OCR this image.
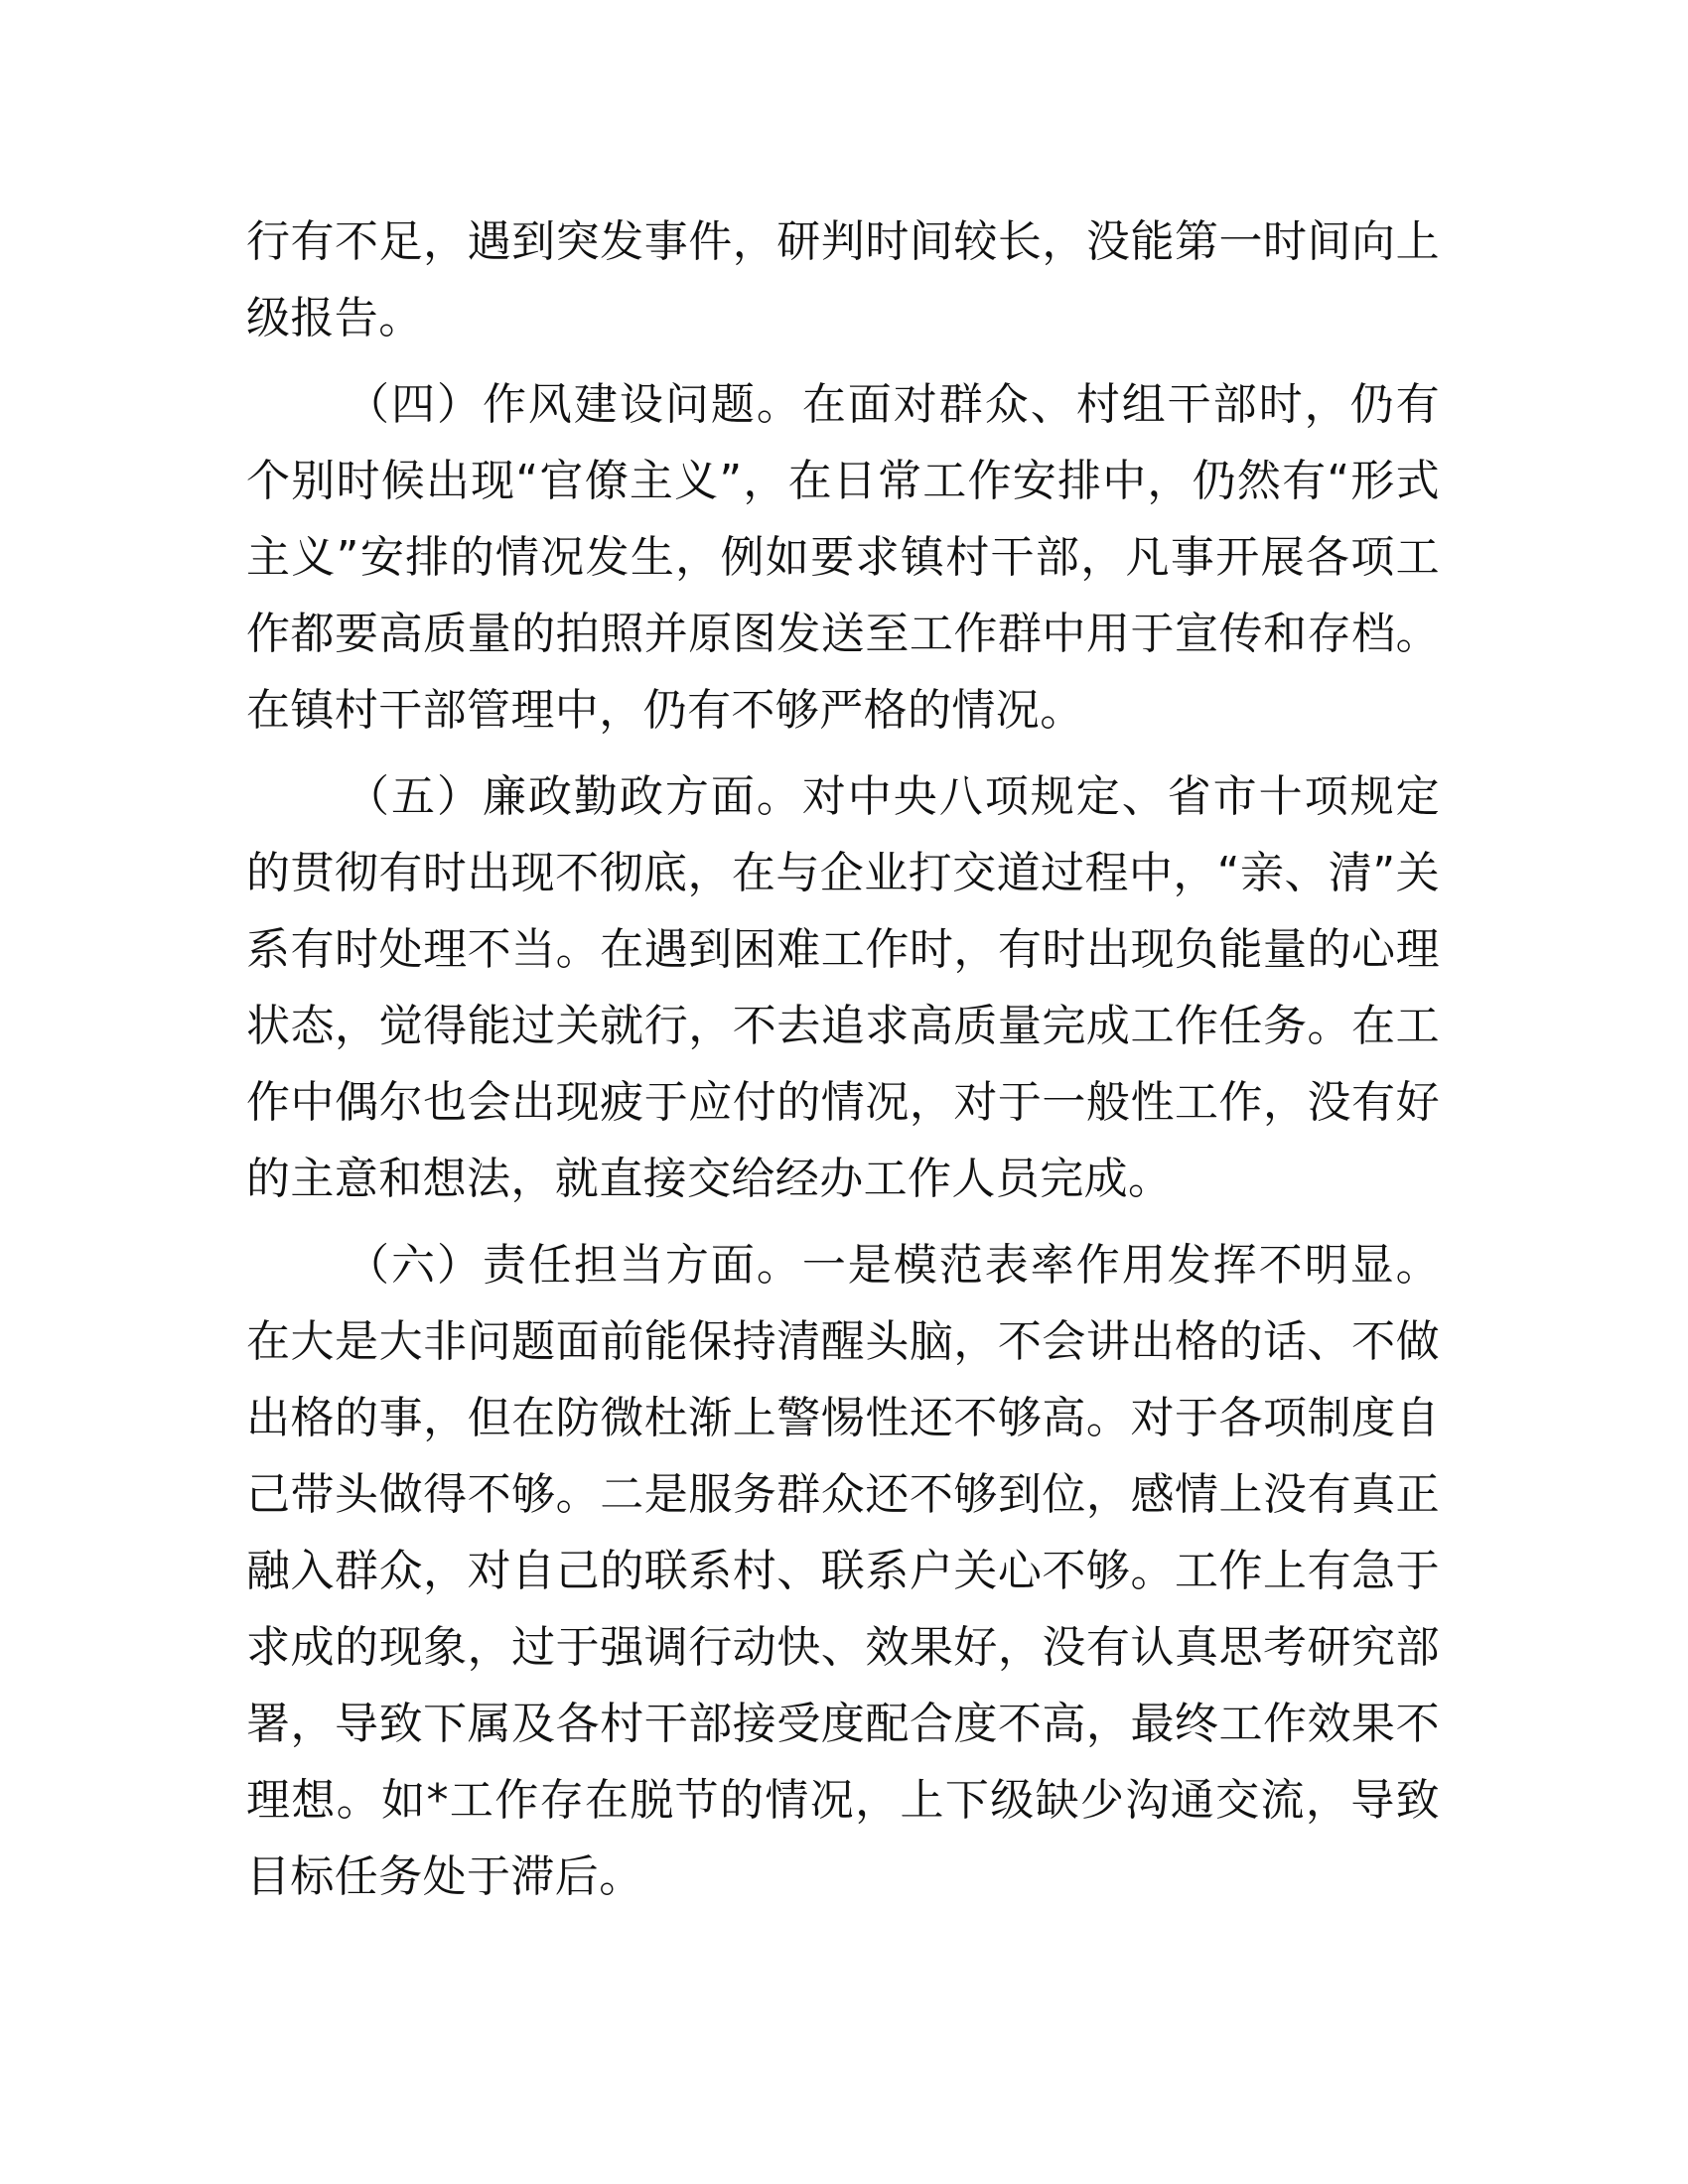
行有不足，遇到突发事件，研判时间较长，没能第一时间向上级报告。

（四）作风建设问题。在面对群众、村组干部时，仍有个别时候出现“官僚主义”，在日常工作安排中，仍然有“形式主义”安排的情况发生，例如要求镇村干部，凡事开展各项工作都要高质量的拍照并原图发送至工作群中用于宣传和存档。在镇村干部管理中，仍有不够严格的情况。

（五）廉政勤政方面。对中央八项规定、省市十项规定的贯彻有时出现不彻底，在与企业打交道过程中，“亲、清”关系有时处理不当。在遇到困难工作时，有时出现负能量的心理状态，觉得能过关就行，不去追求高质量完成工作任务。在工作中偶尔也会出现疲于应付的情况，对于一般性工作，没有好的主意和想法，就直接交给经办工作人员完成。

（六）责任担当方面。一是模范表率作用发挥不明显。在大是大非问题面前能保持清醒头脑，不会讲出格的话、不做出格的事，但在防微杜渐上警惕性还不够高。对于各项制度自己带头做得不够。二是服务群众还不够到位，感情上没有真正融入群众，对自己的联系村、联系户关心不够。工作上有急于求成的现象，过于强调行动快、效果好，没有认真思考研究部署，导致下属及各村干部接受度配合度不高，最终工作效果不理想。如*工作存在脱节的情况，上下级缺少沟通交流，导致目标任务处于滞后。
